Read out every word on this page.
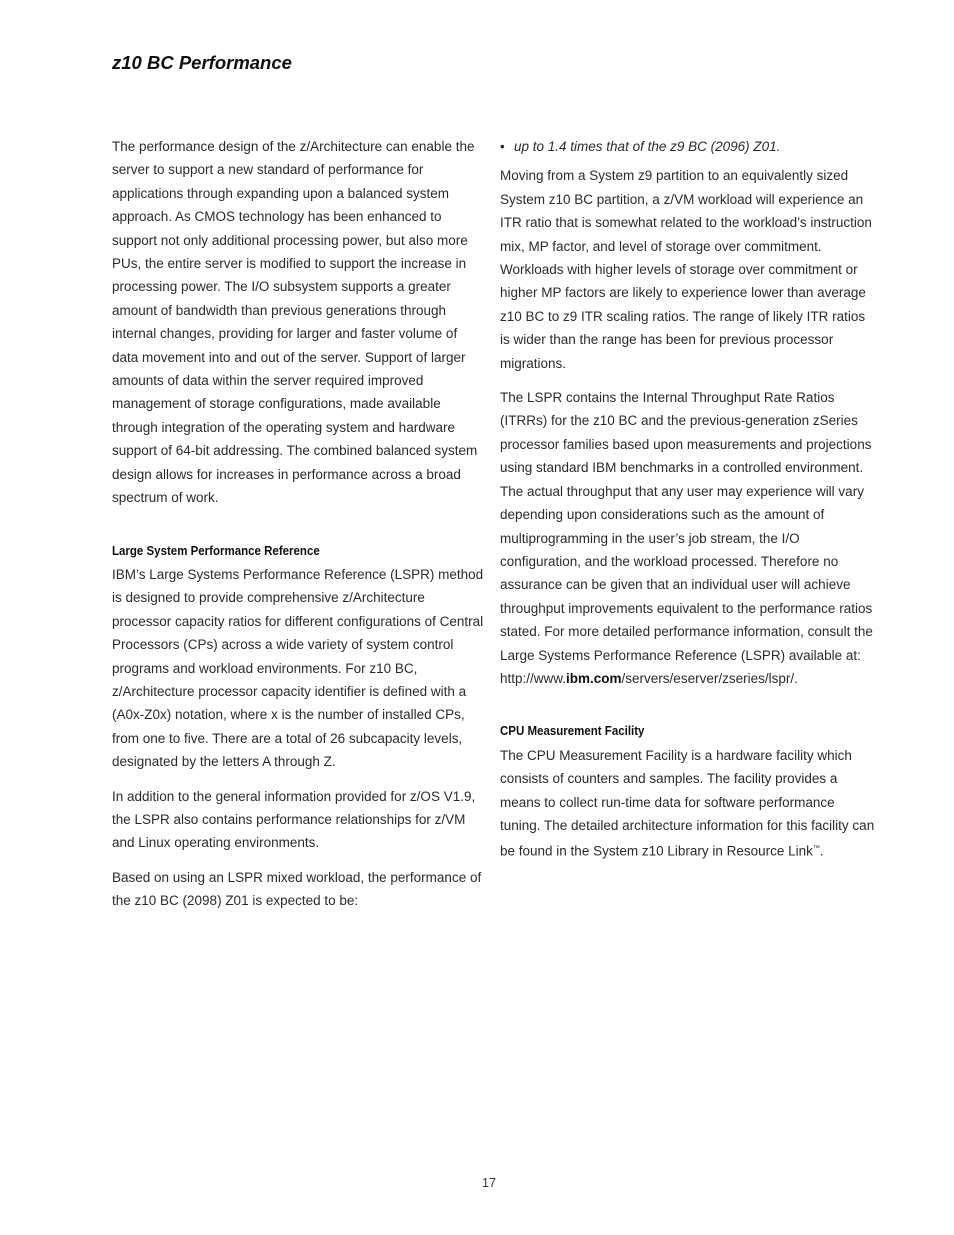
z10 BC Performance

The performance design of the z/Architecture can enable the server to support a new standard of performance for applications through expanding upon a balanced system approach. As CMOS technology has been enhanced to support not only additional processing power, but also more PUs, the entire server is modified to support the increase in processing power. The I/O subsystem supports a greater amount of bandwidth than previous generations through internal changes, providing for larger and faster volume of data movement into and out of the server. Support of larger amounts of data within the server required improved management of storage configurations, made available through integration of the operating system and hardware support of 64-bit addressing. The combined balanced system design allows for increases in performance across a broad spectrum of work.

Large System Performance Reference

IBM’s Large Systems Performance Reference (LSPR) method is designed to provide comprehensive z/Architecture processor capacity ratios for different configurations of Central Processors (CPs) across a wide variety of system control programs and workload environments. For z10 BC, z/Architecture processor capacity identifier is defined with a (A0x-Z0x) notation, where x is the number of installed CPs, from one to five. There are a total of 26 subcapacity levels, designated by the letters A through Z.

In addition to the general information provided for z/OS V1.9, the LSPR also contains performance relationships for z/VM and Linux operating environments.

Based on using an LSPR mixed workload, the performance of the z10 BC (2098) Z01 is expected to be:

• up to 1.4 times that of the z9 BC (2096) Z01.

Moving from a System z9 partition to an equivalently sized System z10 BC partition, a z/VM workload will experience an ITR ratio that is somewhat related to the workload’s instruction mix, MP factor, and level of storage over commitment. Workloads with higher levels of storage over commitment or higher MP factors are likely to experience lower than average z10 BC to z9 ITR scaling ratios. The range of likely ITR ratios is wider than the range has been for previous processor migrations.

The LSPR contains the Internal Throughput Rate Ratios (ITRRs) for the z10 BC and the previous-generation zSeries processor families based upon measurements and projections using standard IBM benchmarks in a controlled environment. The actual throughput that any user may experience will vary depending upon considerations such as the amount of multiprogramming in the user’s job stream, the I/O configuration, and the workload processed. Therefore no assurance can be given that an individual user will achieve throughput improvements equivalent to the performance ratios stated. For more detailed performance information, consult the Large Systems Performance Reference (LSPR) available at:
http://www.ibm.com/servers/eserver/zseries/lspr/.

CPU Measurement Facility

The CPU Measurement Facility is a hardware facility which consists of counters and samples. The facility provides a means to collect run-time data for software performance tuning. The detailed architecture information for this facility can be found in the System z10 Library in Resource Link™.

17
